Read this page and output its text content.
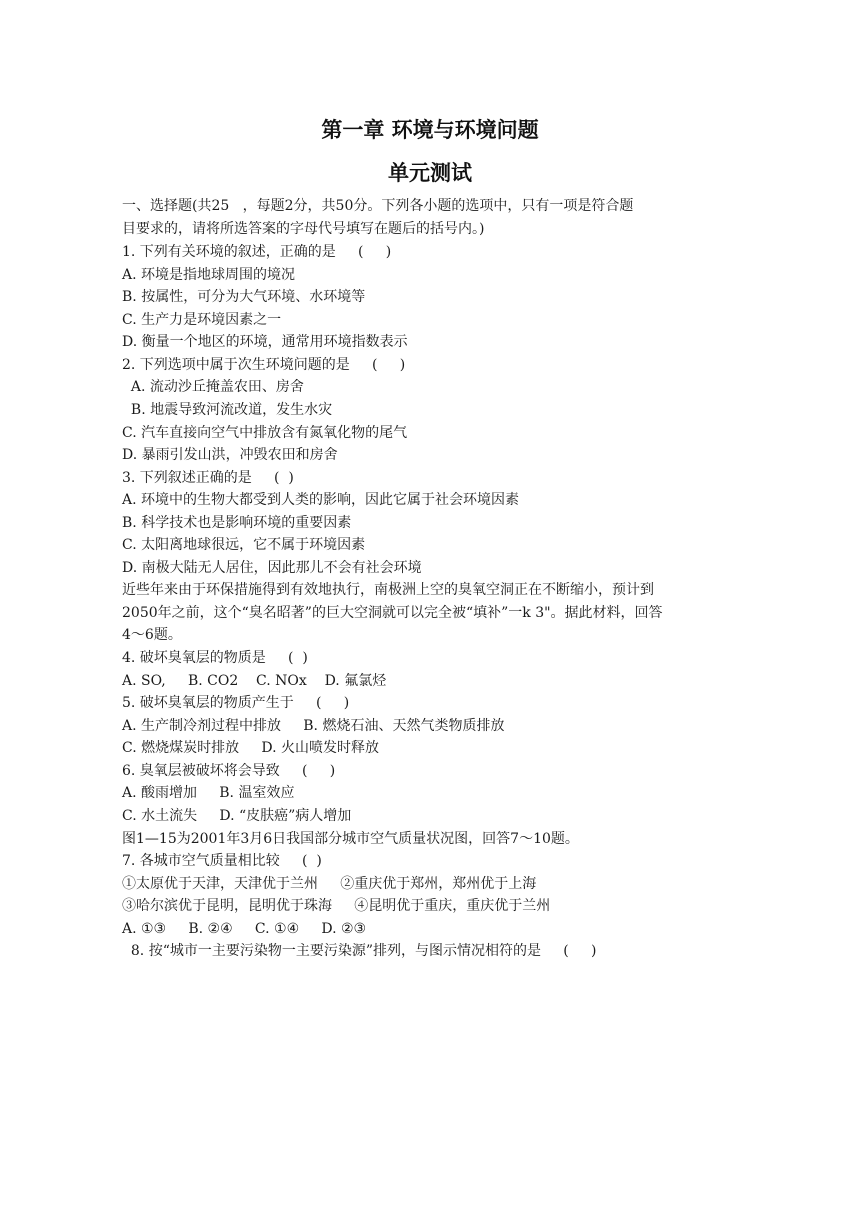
第一章 环境与环境问题
单元测试
一、选择题(共25   ，每题2分，共50分。下列各小题的选项中，只有一项是符合题
目要求的，请将所选答案的字母代号填写在题后的括号内。)
1. 下列有关环境的叙述，正确的是     (     )
A. 环境是指地球周围的境况
B. 按属性，可分为大气环境、水环境等
C. 生产力是环境因素之一
D. 衡量一个地区的环境，通常用环境指数表示
2. 下列选项中属于次生环境问题的是     (     )
A. 流动沙丘掩盖农田、房舍
B. 地震导致河流改道，发生水灾
C. 汽车直接向空气中排放含有氮氧化物的尾气
D. 暴雨引发山洪，冲毁农田和房舍
3. 下列叙述正确的是     (  )
A. 环境中的生物大都受到人类的影响，因此它属于社会环境因素
B. 科学技术也是影响环境的重要因素
C. 太阳离地球很远，它不属于环境因素
D. 南极大陆无人居住，因此那儿不会有社会环境
近些年来由于环保措施得到有效地执行，南极洲上空的臭氧空洞正在不断缩小，预计到
2050年之前，这个“臭名昭著”的巨大空洞就可以完全被“填补”一k 3"。据此材料，回答
4～6题。
4. 破坏臭氧层的物质是     (  )
A. SO,     B. CO2    C. NOx    D. 氟氯烃
5. 破坏臭氧层的物质产生于     (     )
A. 生产制冷剂过程中排放     B. 燃烧石油、天然气类物质排放
C. 燃烧煤炭时排放     D. 火山喷发时释放
6. 臭氧层被破坏将会导致     (     )
A. 酸雨增加     B. 温室效应
C. 水土流失     D. “皮肤癌”病人增加
图1—15为2001年3月6日我国部分城市空气质量状况图，回答7～10题。
7. 各城市空气质量相比较     (  )
①太原优于天津，天津优于兰州     ②重庆优于郑州，郑州优于上海
③哈尔滨优于昆明，昆明优于珠海     ④昆明优于重庆，重庆优于兰州
A. ①③     B. ②④     C. ①④     D. ②③
8. 按“城市一主要污染物一主要污染源”排列，与图示情况相符的是     (     )
